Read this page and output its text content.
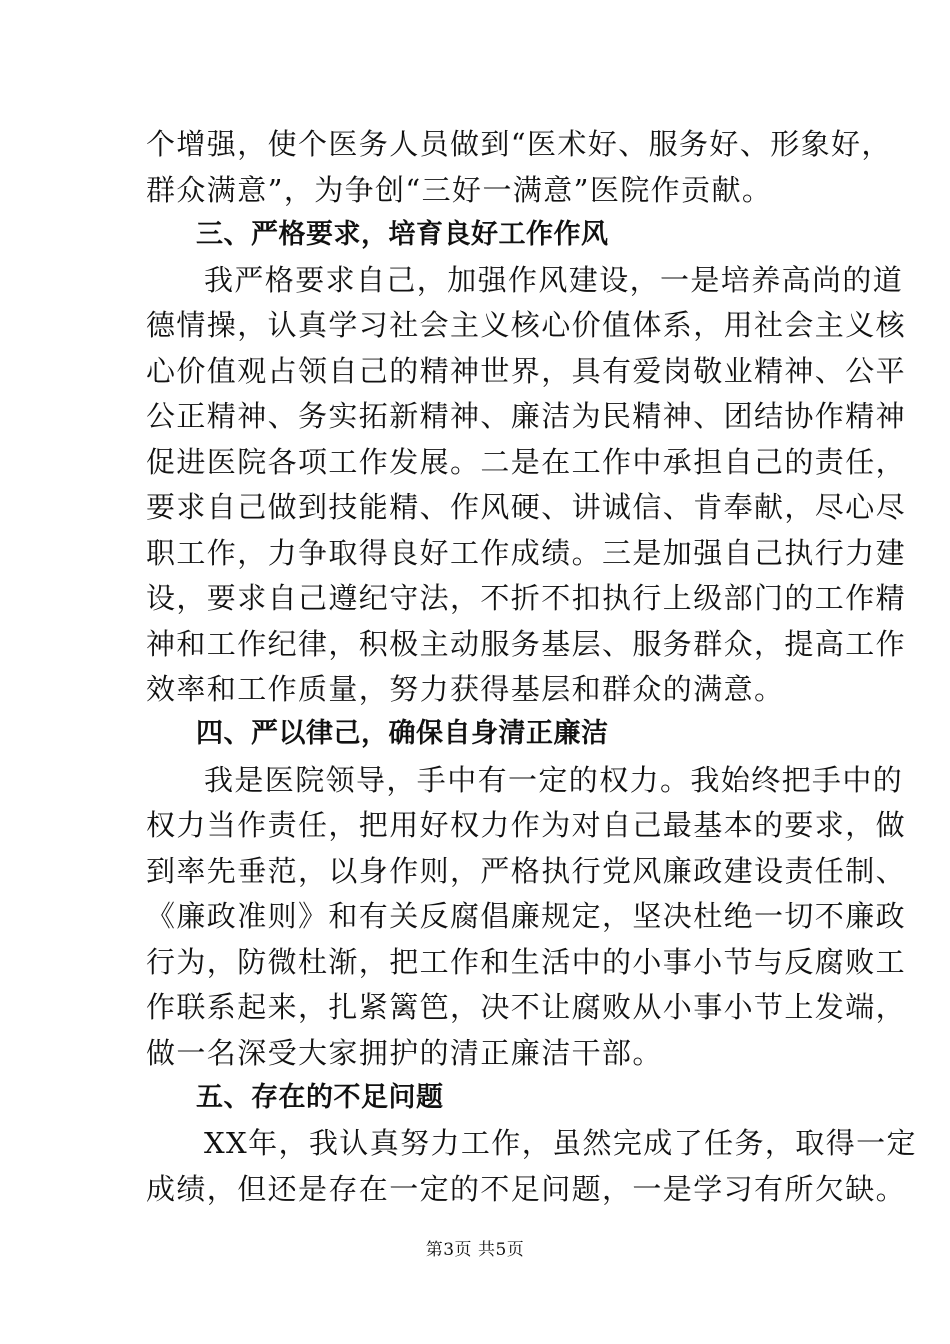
个增强，使个医务人员做到“医术好、服务好、形象好，
群众满意”，为争创“三好一满意”医院作贡献。
三、严格要求，培育良好工作作风
我严格要求自己，加强作风建设，一是培养高尚的道
德情操，认真学习社会主义核心价值体系，用社会主义核
心价值观占领自己的精神世界，具有爱岗敬业精神、公平
公正精神、务实拓新精神、廉洁为民精神、团结协作精神
促进医院各项工作发展。二是在工作中承担自己的责任，
要求自己做到技能精、作风硬、讲诚信、肯奉献，尽心尽
职工作，力争取得良好工作成绩。三是加强自己执行力建
设，要求自己遵纪守法，不折不扣执行上级部门的工作精
神和工作纪律，积极主动服务基层、服务群众，提高工作
效率和工作质量，努力获得基层和群众的满意。
四、严以律己，确保自身清正廉洁
我是医院领导，手中有一定的权力。我始终把手中的
权力当作责任，把用好权力作为对自己最基本的要求，做
到率先垂范，以身作则，严格执行党风廉政建设责任制、
《廉政准则》和有关反腐倡廉规定，坚决杜绝一切不廉政
行为，防微杜渐，把工作和生活中的小事小节与反腐败工
作联系起来，扎紧篱笆，决不让腐败从小事小节上发端，
做一名深受大家拥护的清正廉洁干部。
五、存在的不足问题
XX年，我认真努力工作，虽然完成了任务，取得一定
成绩，但还是存在一定的不足问题，一是学习有所欠缺。
第3页 共5页
